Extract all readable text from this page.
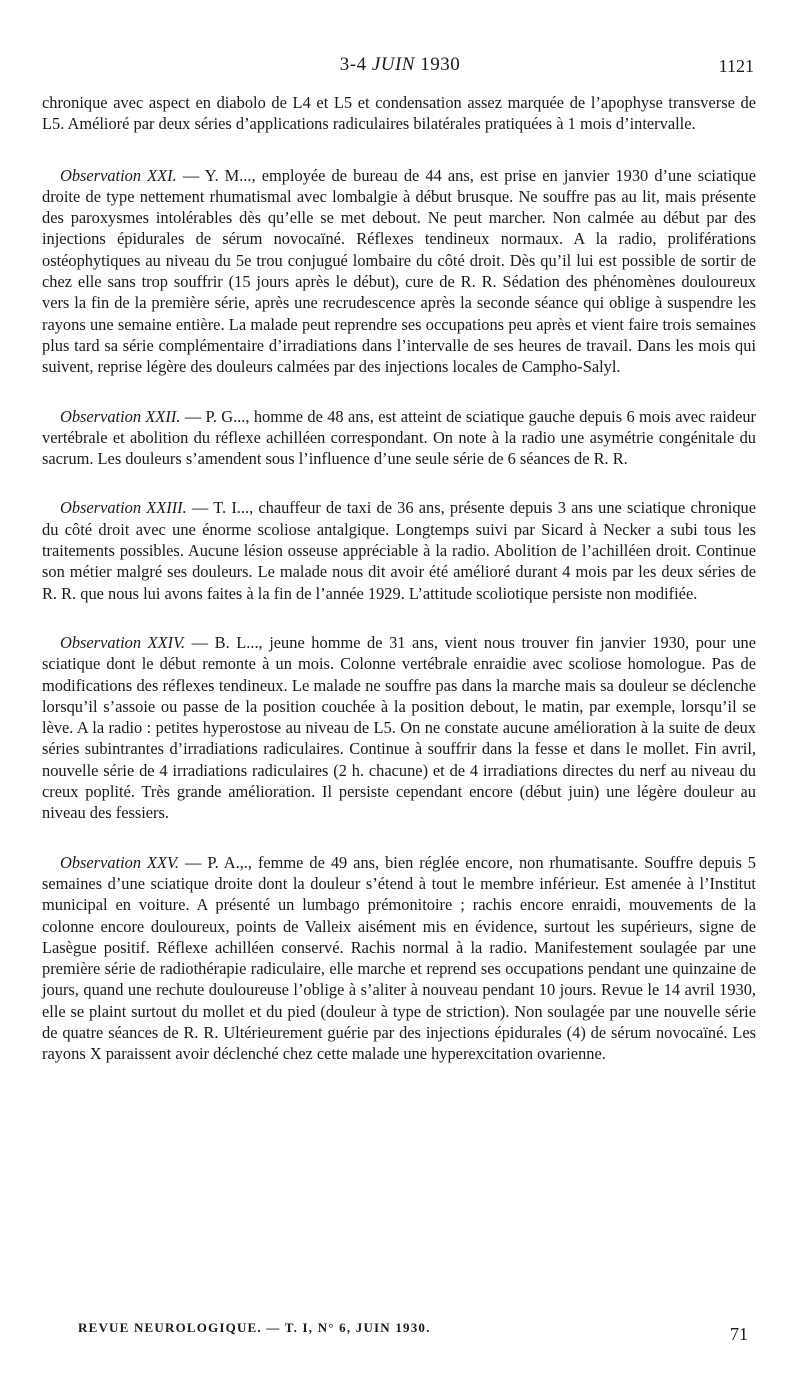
3-4 JUIN 1930	1121

chronique avec aspect en diabolo de L4 et L5 et condensation assez marquée de l’apophyse transverse de L5. Amélioré par deux séries d’applications radiculaires bilatérales pratiquées à 1 mois d’intervalle.

Observation XXI. — Y. M..., employée de bureau de 44 ans, est prise en janvier 1930 d’une sciatique droite de type nettement rhumatismal avec lombalgie à début brusque. Ne souffre pas au lit, mais présente des paroxysmes intolérables dès qu’elle se met debout. Ne peut marcher. Non calmée au début par des injections épidurales de sérum novocaïné. Réflexes tendineux normaux. A la radio, proliférations ostéophytiques au niveau du 5e trou conjugué lombaire du côté droit. Dès qu’il lui est possible de sortir de chez elle sans trop souffrir (15 jours après le début), cure de R. R. Sédation des phénomènes douloureux vers la fin de la première série, après une recrudescence après la seconde séance qui oblige à suspendre les rayons une semaine entière. La malade peut reprendre ses occupations peu après et vient faire trois semaines plus tard sa série complémentaire d’irradiations dans l’intervalle de ses heures de travail. Dans les mois qui suivent, reprise légère des douleurs calmées par des injections locales de Campho-Salyl.

Observation XXII. — P. G..., homme de 48 ans, est atteint de sciatique gauche depuis 6 mois avec raideur vertébrale et abolition du réflexe achilléen correspondant. On note à la radio une asymétrie congénitale du sacrum. Les douleurs s’amendent sous l’influence d’une seule série de 6 séances de R. R.

Observation XXIII. — T. I..., chauffeur de taxi de 36 ans, présente depuis 3 ans une sciatique chronique du côté droit avec une énorme scoliose antalgique. Longtemps suivi par Sicard à Necker a subi tous les traitements possibles. Aucune lésion osseuse appréciable à la radio. Abolition de l’achilléen droit. Continue son métier malgré ses douleurs. Le malade nous dit avoir été amélioré durant 4 mois par les deux séries de R. R. que nous lui avons faites à la fin de l’année 1929. L’attitude scoliotique persiste non modifiée.

Observation XXIV. — B. L..., jeune homme de 31 ans, vient nous trouver fin janvier 1930, pour une sciatique dont le début remonte à un mois. Colonne vertébrale enraidie avec scoliose homologue. Pas de modifications des réflexes tendineux. Le malade ne souffre pas dans la marche mais sa douleur se déclenche lorsqu’il s’assoie ou passe de la position couchée à la position debout, le matin, par exemple, lorsqu’il se lève. A la radio : petites hyperostose au niveau de L5. On ne constate aucune amélioration à la suite de deux séries subintrantes d’irradiations radiculaires. Continue à souffrir dans la fesse et dans le mollet. Fin avril, nouvelle série de 4 irradiations radiculaires (2 h. chacune) et de 4 irradiations directes du nerf au niveau du creux poplité. Très grande amélioration. Il persiste cependant encore (début juin) une légère douleur au niveau des fessiers.

Observation XXV. — P. A.,., femme de 49 ans, bien réglée encore, non rhumatisante. Souffre depuis 5 semaines d’une sciatique droite dont la douleur s’étend à tout le membre inférieur. Est amenée à l’Institut municipal en voiture. A présenté un lumbago prémonitoire ; rachis encore enraidi, mouvements de la colonne encore douloureux, points de Valleix aisément mis en évidence, surtout les supérieurs, signe de Lasègue positif. Réflexe achilléen conservé. Rachis normal à la radio. Manifestement soulagée par une première série de radiothérapie radiculaire, elle marche et reprend ses occupations pendant une quinzaine de jours, quand une rechute douloureuse l’oblige à s’aliter à nouveau pendant 10 jours. Revue le 14 avril 1930, elle se plaint surtout du mollet et du pied (douleur à type de striction). Non soulagée par une nouvelle série de quatre séances de R. R. Ultérieurement guérie par des injections épidurales (4) de sérum novocaïné. Les rayons X paraissent avoir déclenché chez cette malade une hyperexcitation ovarienne.

REVUE NEUROLOGIQUE. — T. I, N° 6, JUIN 1930.	71
